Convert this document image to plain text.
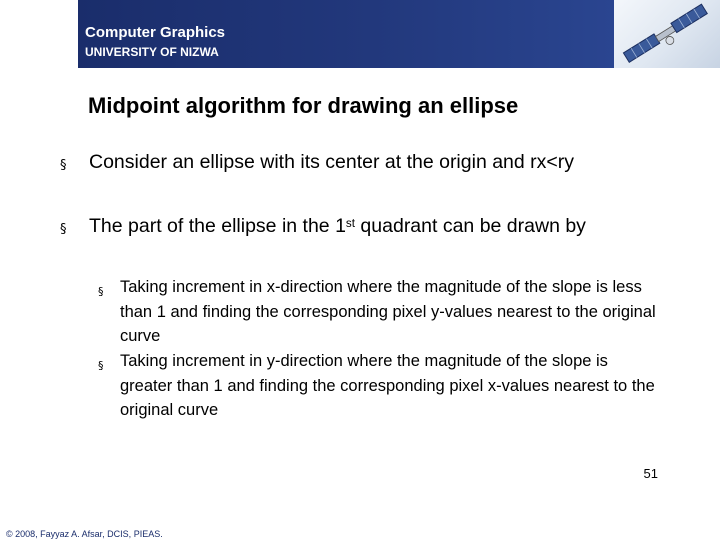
Computer Graphics
UNIVERSITY OF NIZWA
Midpoint algorithm for drawing an ellipse
§ Consider an ellipse with its center at the origin and rx<ry
§ The part of the ellipse in the 1st quadrant can be drawn by
§ Taking increment in x-direction where the magnitude of the slope is less than 1 and finding the corresponding pixel y-values nearest to the original curve
§ Taking increment in y-direction where the magnitude of the slope is greater than 1 and finding the corresponding pixel x-values nearest to the original curve
51
© 2008, Fayyaz A. Afsar, DCIS, PIEAS.
